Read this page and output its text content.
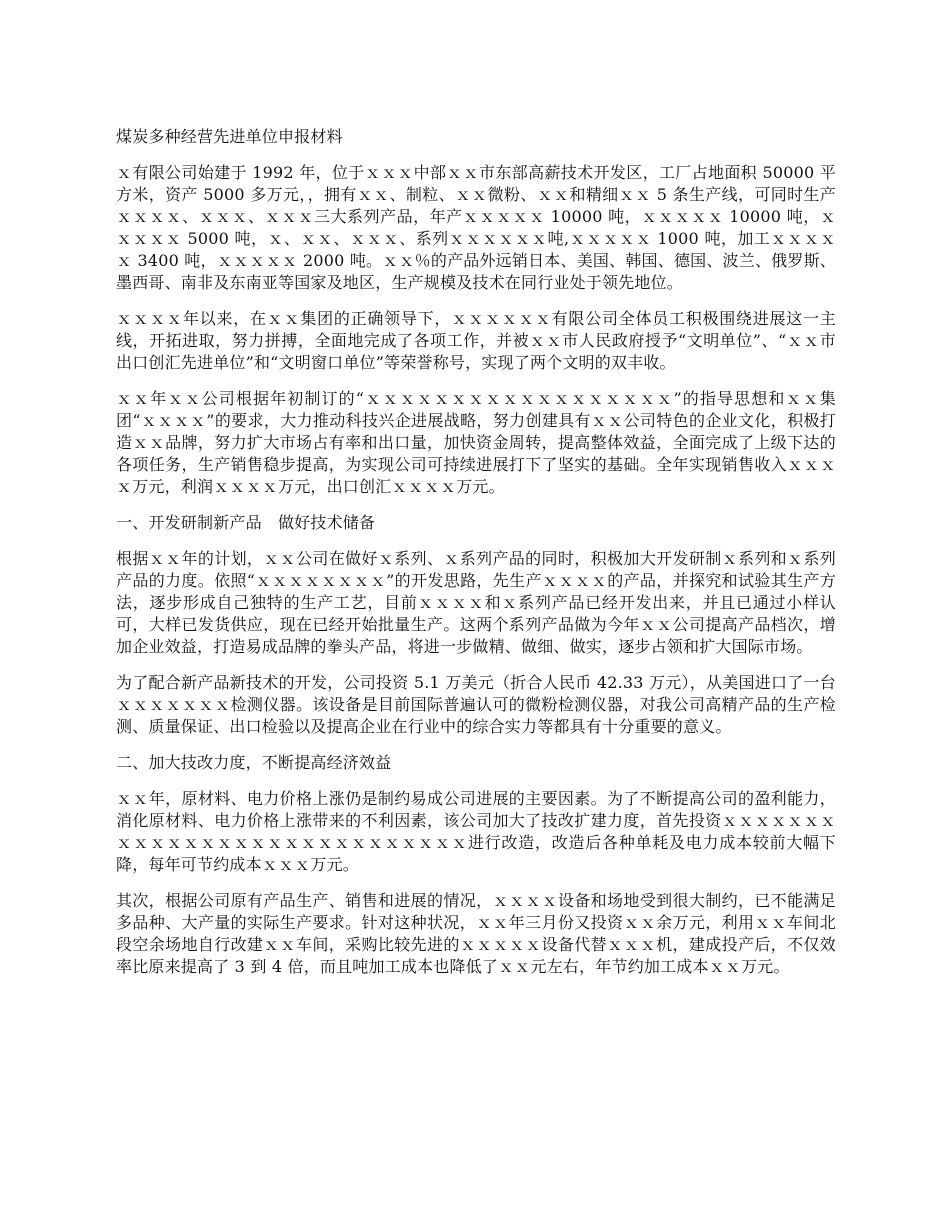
煤炭多种经营先进单位申报材料
ｘ有限公司始建于 1992 年，位于ｘｘｘ中部ｘｘ市东部高薪技术开发区，工厂占地面积 50000 平方米，资产 5000 多万元，，拥有ｘｘ、制粒、ｘｘ微粉、ｘｘ和精细ｘｘ 5 条生产线，可同时生产ｘｘｘｘ、ｘｘｘ、ｘｘｘ三大系列产品，年产ｘｘｘｘｘ 10000 吨，ｘｘｘｘｘ 10000 吨，ｘｘｘｘｘ 5000 吨，ｘ、ｘｘ、ｘｘｘ、系列ｘｘｘｘｘｘ吨,ｘｘｘｘｘ 1000 吨，加工ｘｘｘｘｘ 3400 吨，ｘｘｘｘｘ 2000 吨。ｘｘ％的产品外远销日本、美国、韩国、德国、波兰、俄罗斯、墨西哥、南非及东南亚等国家及地区，生产规模及技术在同行业处于领先地位。
ｘｘｘｘ年以来，在ｘｘ集团的正确领导下，ｘｘｘｘｘｘ有限公司全体员工积极围绕进展这一主线，开拓进取，努力拼搏，全面地完成了各项工作，并被ｘｘ市人民政府授予“文明单位”、“ｘｘ市出口创汇先进单位”和“文明窗口单位”等荣誉称号，实现了两个文明的双丰收。
ｘｘ年ｘｘ公司根据年初制订的“ｘｘｘｘｘｘｘｘｘｘｘｘｘｘｘｘｘｘ”的指导思想和ｘｘ集团“ｘｘｘｘ”的要求，大力推动科技兴企进展战略，努力创建具有ｘｘ公司特色的企业文化，积极打造ｘｘ品牌，努力扩大市场占有率和出口量，加快资金周转，提高整体效益，全面完成了上级下达的各项任务，生产销售稳步提高，为实现公司可持续进展打下了坚实的基础。全年实现销售收入ｘｘｘｘ万元，利润ｘｘｘｘ万元，出口创汇ｘｘｘｘ万元。
一、开发研制新产品　做好技术储备
根据ｘｘ年的计划，ｘｘ公司在做好ｘ系列、ｘ系列产品的同时，积极加大开发研制ｘ系列和ｘ系列产品的力度。依照“ｘｘｘｘｘｘｘｘ”的开发思路，先生产ｘｘｘｘ的产品，并探究和试验其生产方法，逐步形成自己独特的生产工艺，目前ｘｘｘｘ和ｘ系列产品已经开发出来，并且已通过小样认可，大样已发货供应，现在已经开始批量生产。这两个系列产品做为今年ｘｘ公司提高产品档次，增加企业效益，打造易成品牌的拳头产品，将进一步做精、做细、做实，逐步占领和扩大国际市场。
为了配合新产品新技术的开发，公司投资 5.1 万美元（折合人民币 42.33 万元），从美国进口了一台ｘｘｘｘｘｘｘ检测仪器。该设备是目前国际普遍认可的微粉检测仪器，对我公司高精产品的生产检测、质量保证、出口检验以及提高企业在行业中的综合实力等都具有十分重要的意义。
二、加大技改力度，不断提高经济效益
ｘｘ年，原材料、电力价格上涨仍是制约易成公司进展的主要因素。为了不断提高公司的盈利能力，消化原材料、电力价格上涨带来的不利因素，该公司加大了技改扩建力度，首先投资ｘｘｘｘｘｘｘｘｘｘｘｘｘｘｘｘｘｘｘｘｘｘｘｘｘｘｘｘ进行改造，改造后各种单耗及电力成本较前大幅下降，每年可节约成本ｘｘｘ万元。
其次，根据公司原有产品生产、销售和进展的情况，ｘｘｘｘ设备和场地受到很大制约，已不能满足多品种、大产量的实际生产要求。针对这种状况，ｘｘ年三月份又投资ｘｘ余万元，利用ｘｘ车间北段空余场地自行改建ｘｘ车间，采购比较先进的ｘｘｘｘｘ设备代替ｘｘｘ机，建成投产后，不仅效率比原来提高了 3 到 4 倍，而且吨加工成本也降低了ｘｘ元左右，年节约加工成本ｘｘ万元。
